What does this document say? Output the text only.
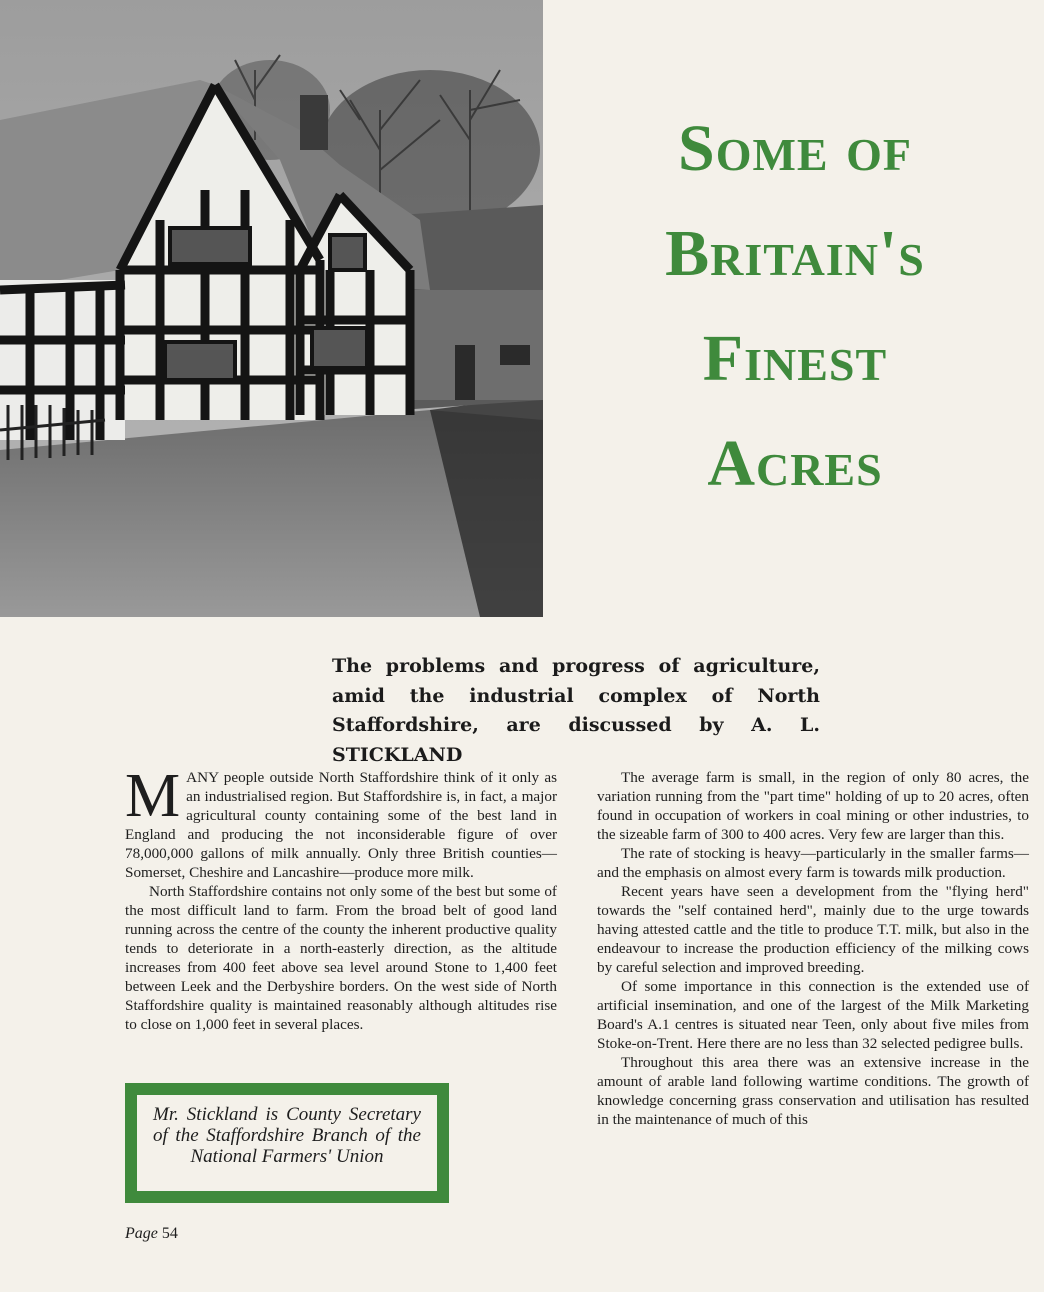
Some of
Britain's
Finest
Acres
The problems and progress of agriculture, amid the industrial complex of North Staffordshire, are discussed by A. L. STICKLAND

MANY people outside North Staffordshire think of it only as an industrialised region. But Staffordshire is, in fact, a major agricultural county containing some of the best land in England and producing the not inconsiderable figure of over 78,000,000 gallons of milk annually. Only three British counties—Somerset, Cheshire and Lancashire—produce more milk.

North Staffordshire contains not only some of the best but some of the most difficult land to farm. From the broad belt of good land running across the centre of the county the inherent productive quality tends to deteriorate in a north-easterly direction, as the altitude increases from 400 feet above sea level around Stone to 1,400 feet between Leek and the Derbyshire borders. On the west side of North Staffordshire quality is maintained reasonably although altitudes rise to close on 1,000 feet in several places.

Mr. Stickland is County Secretary of the Staffordshire Branch of the National Farmers' Union

The average farm is small, in the region of only 80 acres, the variation running from the "part time" holding of up to 20 acres, often found in occupation of workers in coal mining or other industries, to the sizeable farm of 300 to 400 acres. Very few are larger than this.

The rate of stocking is heavy—particularly in the smaller farms—and the emphasis on almost every farm is towards milk production.

Recent years have seen a development from the "flying herd" towards the "self contained herd", mainly due to the urge towards having attested cattle and the title to produce T.T. milk, but also in the endeavour to increase the production efficiency of the milking cows by careful selection and improved breeding.

Of some importance in this connection is the extended use of artificial insemination, and one of the largest of the Milk Marketing Board's A.1 centres is situated near Teen, only about five miles from Stoke-on-Trent. Here there are no less than 32 selected pedigree bulls.

Throughout this area there was an extensive increase in the amount of arable land following wartime conditions. The growth of knowledge concerning grass conservation and utilisation has resulted in the maintenance of much of this

Page 54
